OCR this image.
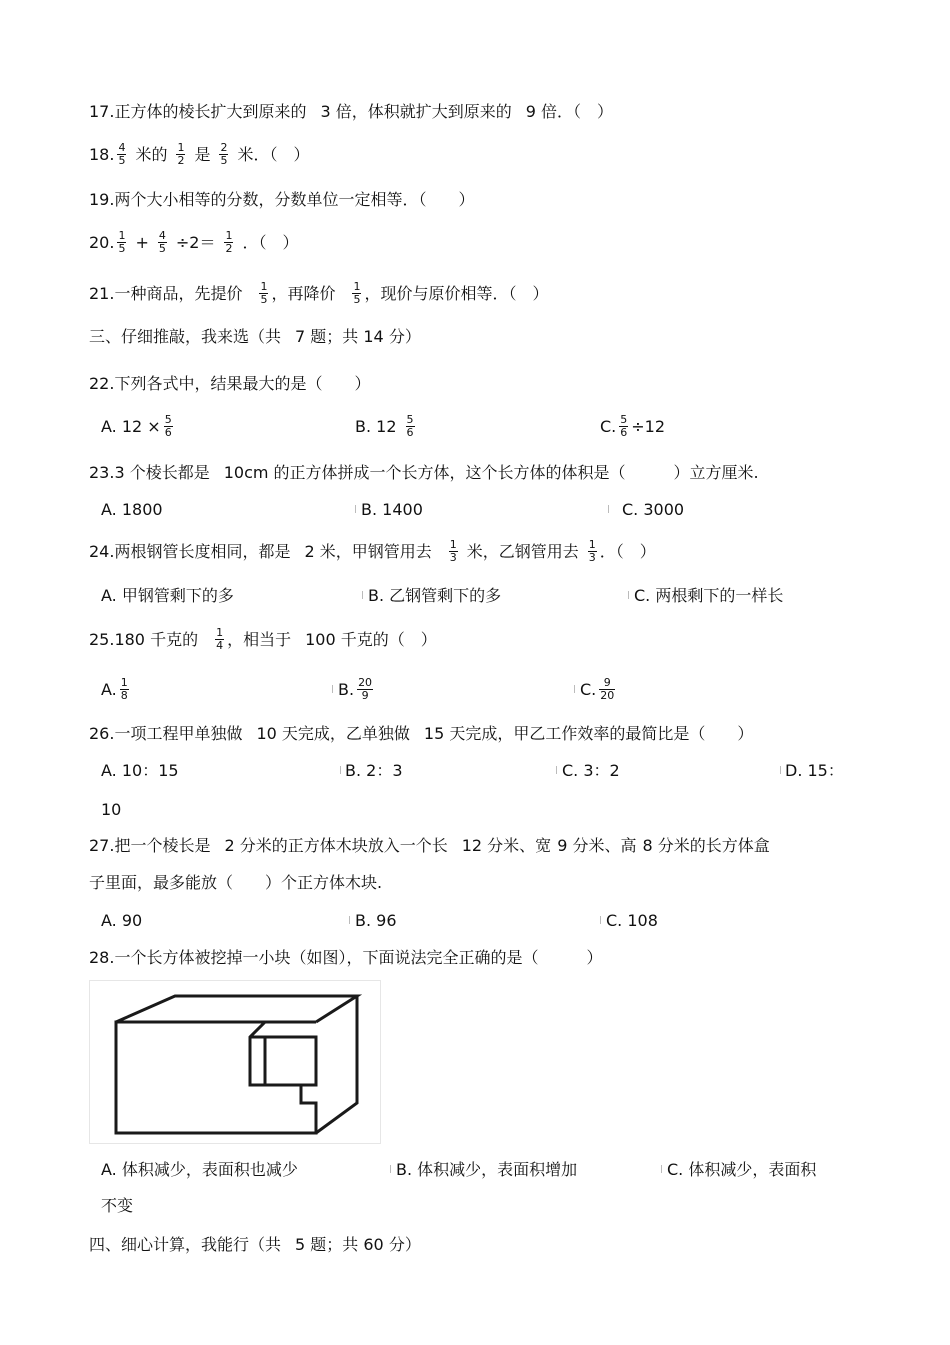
17.正方体的棱长扩大到原来的 3 倍，体积就扩大到原来的 9 倍．（　）
18. $\frac{4}{5}$ 米的 $\frac{1}{2}$ 是 $\frac{2}{5}$ 米．（　）
19.两个大小相等的分数，分数单位一定相等．（　　）
20. $\frac{1}{5} + \frac{4}{5} \div 2= \frac{1}{2}$ ．（　）
21.一种商品，先提价 $\frac{1}{5}$ ，再降价 $\frac{1}{5}$ ，现价与原价相等．（　）
三、仔细推敲，我来选（共 7 题；共 14 分）
22.下列各式中，结果最大的是（　　）
A. $12 \times \frac{5}{6}$	B. $12 \frac{5}{6}$	C. $\frac{5}{6} \div 12$
23.3 个棱长都是 10cm 的正方体拼成一个长方体，这个长方体的体积是（　　　）立方厘米.
A. 1800	B. 1400	C. 3000
24.两根钢管长度相同，都是 2 米，甲钢管用去 $\frac{1}{3}$ 米，乙钢管用去 $\frac{1}{3}$ ．（　）
A. 甲钢管剩下的多	B. 乙钢管剩下的多	C. 两根剩下的一样长
25.180 千克的 $\frac{1}{4}$ ，相当于 100 千克的（　）
A. $\frac{1}{8}$	B. $\frac{20}{9}$	C. $\frac{9}{20}$
26.一项工程甲单独做 10 天完成，乙单独做 15 天完成，甲乙工作效率的最简比是（　　）
A. 10：15	B. 2：3	C. 3：2	D. 15：
10
27.把一个棱长是 2 分米的正方体木块放入一个长 12 分米、宽 9 分米、高 8 分米的长方体盒
子里面，最多能放（　　）个正方体木块.
A. 90	B. 96	C. 108
28.一个长方体被挖掉一小块（如图），下面说法完全正确的是（　　　）
A. 体积减少，表面积也减少	B. 体积减少，表面积增加	C. 体积减少，表面积
不变
四、细心计算，我能行（共 5 题；共 60 分）
